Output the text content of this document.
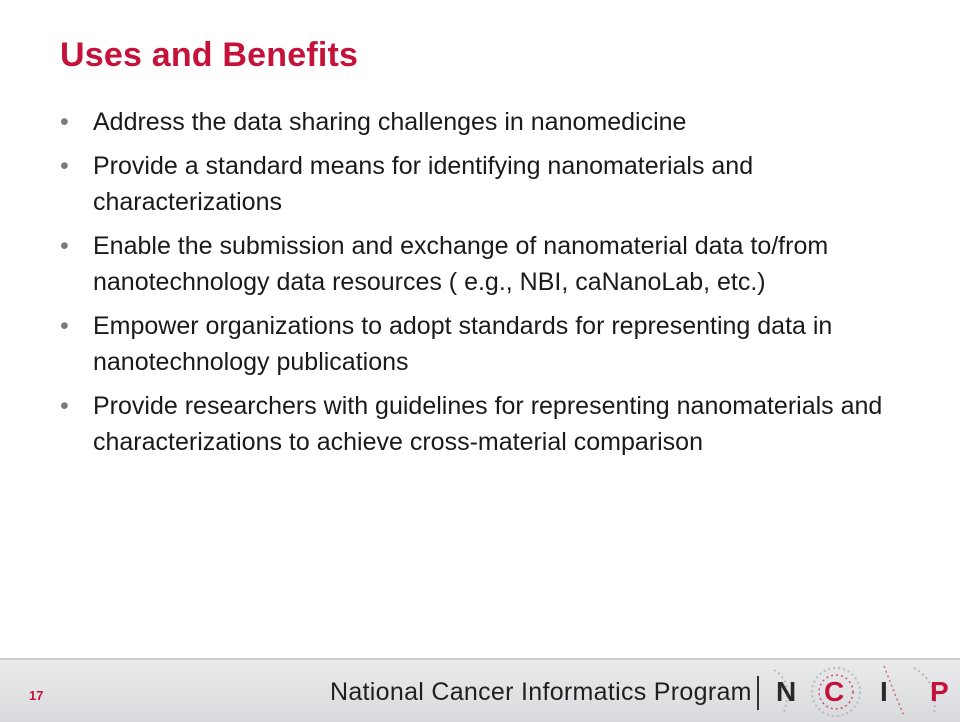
Uses and Benefits
• Address the data sharing challenges in nanomedicine
• Provide a standard means for identifying nanomaterials and characterizations
• Enable the submission and exchange of nanomaterial data to/from nanotechnology data resources ( e.g., NBI, caNanoLab, etc.)
• Empower organizations to adopt standards for representing data in nanotechnology publications
• Provide researchers with guidelines for representing nanomaterials and characterizations to achieve cross-material comparison
17	National Cancer Informatics Program N C I P
